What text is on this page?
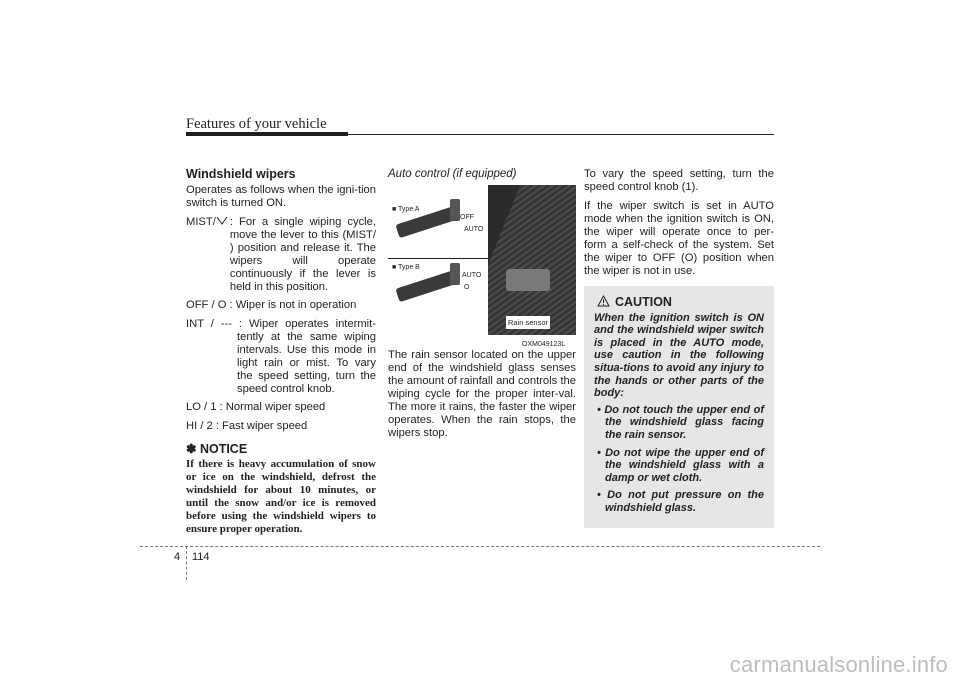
Features of your vehicle
Windshield wipers

Operates as follows when the igni-tion switch is turned ON.

MIST/	: For a single wiping cycle, move the lever to this (MIST/ ) position and release it. The wipers will operate continuously if the lever is held in this position.

OFF / O : Wiper is not in operation

INT / --- : Wiper operates intermit-tently at the same wiping intervals. Use this mode in light rain or mist. To vary the speed setting, turn the speed control knob.

LO / 1 : Normal wiper speed

HI / 2 : Fast wiper speed

✽ NOTICE
If there is heavy accumulation of snow or ice on the windshield, defrost the windshield for about 10 minutes, or until the snow and/or ice is removed before using the windshield wipers to ensure proper operation.
Auto control (if equipped)
■ Type A
OFF
AUTO
■ Type B
AUTO
O
Rain sensor
OXM049123L

The rain sensor located on the upper end of the windshield glass senses the amount of rainfall and controls the wiping cycle for the proper inter-val. The more it rains, the faster the wiper operates. When the rain stops, the wipers stop.

To vary the speed setting, turn the speed control knob (1).

If the wiper switch is set in AUTO mode when the ignition switch is ON, the wiper will operate once to per-form a self-check of the system. Set the wiper to OFF (O) position when the wiper is not in use.

CAUTION
When the ignition switch is ON and the windshield wiper switch is placed in the AUTO mode, use caution in the following situa-tions to avoid any injury to the hands or other parts of the body:
• Do not touch the upper end of the windshield glass facing the rain sensor.
• Do not wipe the upper end of the windshield glass with a damp or wet cloth.
• Do not put pressure on the windshield glass.
4 114
carmanualsonline.info
